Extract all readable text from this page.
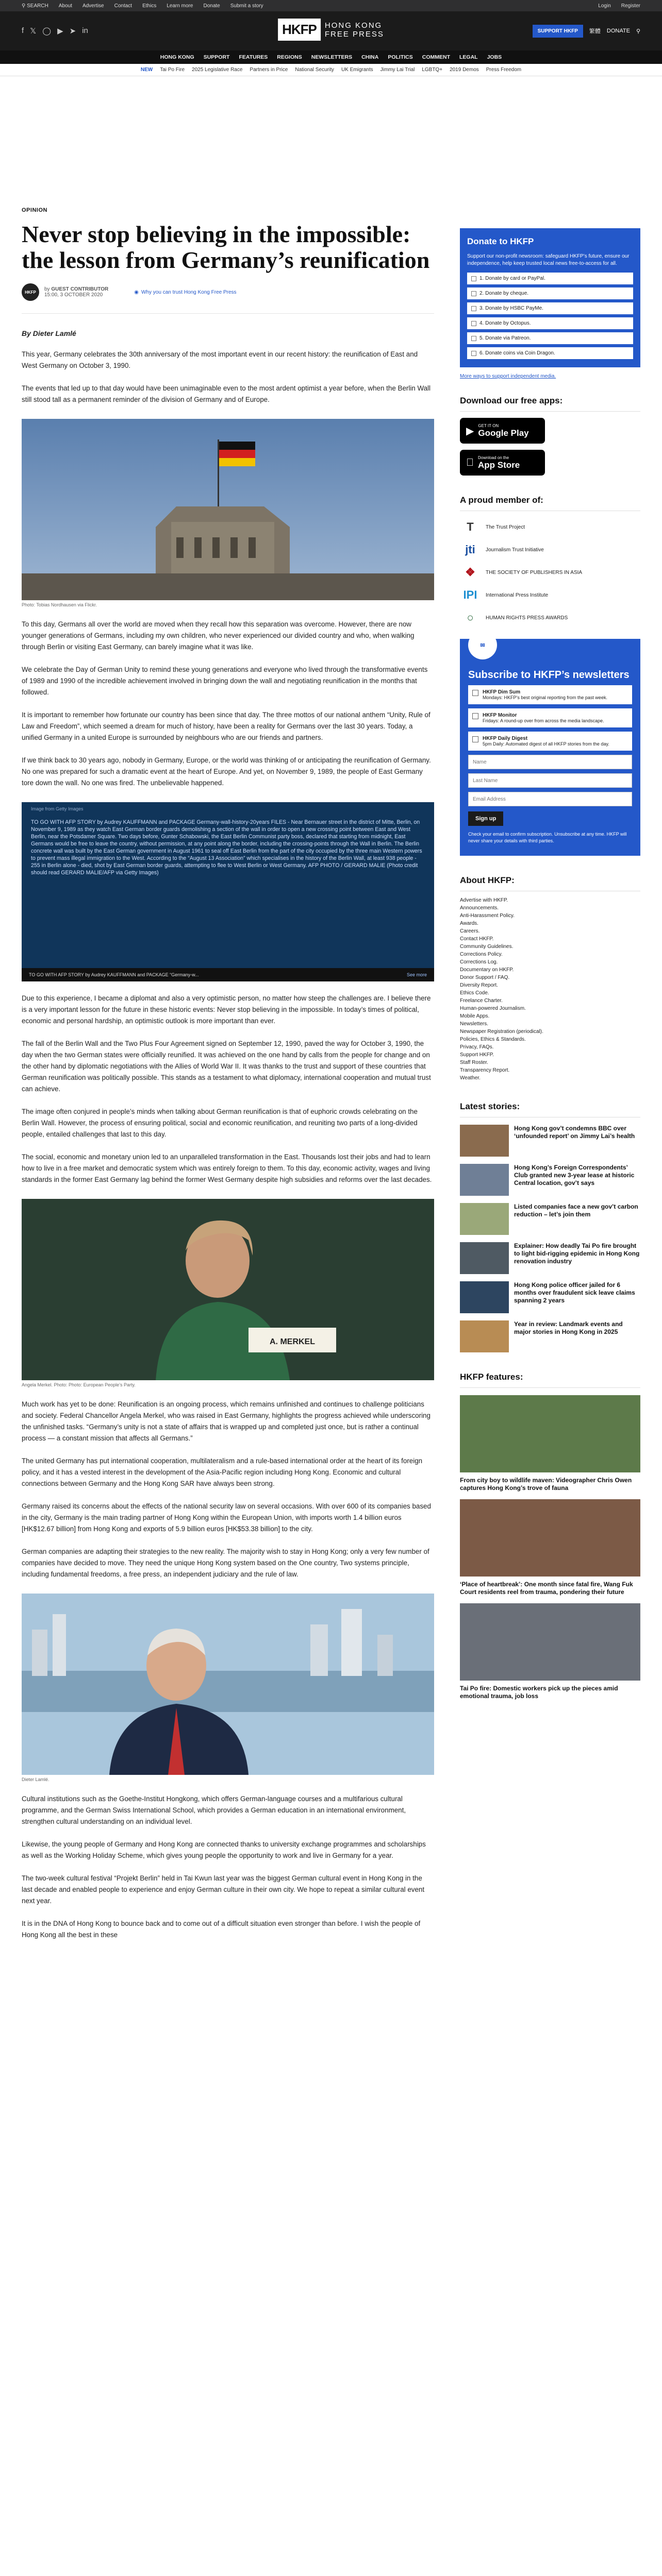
⚲ SEARCH About Advertise Contact Ethics Learn more Donate Submit a story	Login Register
f 𝕏 ◯ ▶ ➤ in	HKFP	HONG KONG
FREE PRESS	SUPPORT HKFP	繁體 DONATE ⚲
HONG KONG SUPPORT FEATURES REGIONS NEWSLETTERS CHINA POLITICS COMMENT LEGAL JOBS
NEW Tai Po Fire 2025 Legislative Race Partners in Price National Security UK Emigrants Jimmy Lai Trial LGBTQ+ 2019 Demos Press Freedom
OPINION
Never stop believing in the impossible: the lesson from Germany’s reunification
HKFP	by GUEST CONTRIBUTOR
15:00, 3 OCTOBER 2020	◉ Why you can trust Hong Kong Free Press
By Dieter Lamlé

This year, Germany celebrates the 30th anniversary of the most important event in our recent history: the reunification of East and West Germany on October 3, 1990.

The events that led up to that day would have been unimaginable even to the most ardent optimist a year before, when the Berlin Wall still stood tall as a permanent reminder of the division of Germany and of Europe.

Photo: Tobias Nordhausen via Flickr.

To this day, Germans all over the world are moved when they recall how this separation was overcome. However, there are now younger generations of Germans, including my own children, who never experienced our divided country and who, when walking through Berlin or visiting East Germany, can barely imagine what it was like.

We celebrate the Day of German Unity to remind these young generations and everyone who lived through the transformative events of 1989 and 1990 of the incredible achievement involved in bringing down the wall and negotiating reunification in the months that followed.

It is important to remember how fortunate our country has been since that day. The three mottos of our national anthem “Unity, Rule of Law and Freedom”, which seemed a dream for much of history, have been a reality for Germans over the last 30 years. Today, a unified Germany in a united Europe is surrounded by neighbours who are our friends and partners.

If we think back to 30 years ago, nobody in Germany, Europe, or the world was thinking of or anticipating the reunification of Germany. No one was prepared for such a dramatic event at the heart of Europe. And yet, on November 9, 1989, the people of East Germany tore down the wall. No one was fired. The unbelievable happened.

Image from Getty Images
TO GO WITH AFP STORY by Audrey KAUFFMANN and PACKAGE Germany-wall-history-20years FILES - Near Bernauer street in the district of Mitte, Berlin, on November 9, 1989 as they watch East German border guards demolishing a section of the wall in order to open a new crossing point between East and West Berlin, near the Potsdamer Square. Two days before, Gunter Schabowski, the East Berlin Communist party boss, declared that starting from midnight, East Germans would be free to leave the country, without permission, at any point along the border, including the crossing-points through the Wall in Berlin. The Berlin concrete wall was built by the East German government in August 1961 to seal off East Berlin from the part of the city occupied by the three main Western powers to prevent mass illegal immigration to the West. According to the “August 13 Association” which specialises in the history of the Berlin Wall, at least 938 people - 255 in Berlin alone - died, shot by East German border guards, attempting to flee to West Berlin or West Germany. AFP PHOTO / GERARD MALIE (Photo credit should read GERARD MALIE/AFP via Getty Images)
TO GO WITH AFP STORY by Audrey KAUFFMANN and PACKAGE “Germany-w...	See more

Due to this experience, I became a diplomat and also a very optimistic person, no matter how steep the challenges are. I believe there is a very important lesson for the future in these historic events: Never stop believing in the impossible. In today’s times of political, economic and personal hardship, an optimistic outlook is more important than ever.

The fall of the Berlin Wall and the Two Plus Four Agreement signed on September 12, 1990, paved the way for October 3, 1990, the day when the two German states were officially reunified. It was achieved on the one hand by calls from the people for change and on the other hand by diplomatic negotiations with the Allies of World War II. It was thanks to the trust and support of these countries that German reunification was politically possible. This stands as a testament to what diplomacy, international cooperation and mutual trust can achieve.

The image often conjured in people’s minds when talking about German reunification is that of euphoric crowds celebrating on the Berlin Wall. However, the process of ensuring political, social and economic reunification, and reuniting two parts of a long-divided people, entailed challenges that last to this day.

The social, economic and monetary union led to an unparalleled transformation in the East. Thousands lost their jobs and had to learn how to live in a free market and democratic system which was entirely foreign to them. To this day, economic activity, wages and living standards in the former East Germany lag behind the former West Germany despite high subsidies and reforms over the last decades.

A. MERKEL
Angela Merkel. Photo: Photo: European People’s Party.

Much work has yet to be done: Reunification is an ongoing process, which remains unfinished and continues to challenge politicians and society. Federal Chancellor Angela Merkel, who was raised in East Germany, highlights the progress achieved while underscoring the unfinished tasks. “Germany’s unity is not a state of affairs that is wrapped up and completed just once, but is rather a continual process — a constant mission that affects all Germans.”

The united Germany has put international cooperation, multilateralism and a rule-based international order at the heart of its foreign policy, and it has a vested interest in the development of the Asia-Pacific region including Hong Kong. Economic and cultural connections between Germany and the Hong Kong SAR have always been strong.

Germany raised its concerns about the effects of the national security law on several occasions. With over 600 of its companies based in the city, Germany is the main trading partner of Hong Kong within the European Union, with imports worth 1.4 billion euros [HK$12.67 billion] from Hong Kong and exports of 5.9 billion euros [HK$53.38 billion] to the city.

German companies are adapting their strategies to the new reality. The majority wish to stay in Hong Kong; only a very few number of companies have decided to move. They need the unique Hong Kong system based on the One country, Two systems principle, including fundamental freedoms, a free press, an independent judiciary and the rule of law.

Dieter Lamlé.

Cultural institutions such as the Goethe-Institut Hongkong, which offers German-language courses and a multifarious cultural programme, and the German Swiss International School, which provides a German education in an international environment, strengthen cultural understanding on an individual level.

Likewise, the young people of Germany and Hong Kong are connected thanks to university exchange programmes and scholarships as well as the Working Holiday Scheme, which gives young people the opportunity to work and live in Germany for a year.

The two-week cultural festival “Projekt Berlin” held in Tai Kwun last year was the biggest German cultural event in Hong Kong in the last decade and enabled people to experience and enjoy German culture in their own city. We hope to repeat a similar cultural event next year.

It is in the DNA of Hong Kong to bounce back and to come out of a difficult situation even stronger than before. I wish the people of Hong Kong all the best in these

Donate to HKFP
Support our non-profit newsroom: safeguard HKFP’s future, ensure our independence, help keep trusted local news free-to-access for all.
1. Donate by card or PayPal.
2. Donate by cheque.
3. Donate by HSBC PayMe.
4. Donate by Octopus.
5. Donate via Patreon.
6. Donate coins via Coin Dragon.
More ways to support independent media.
Download our free apps:
▶ GET IT ON
Google Play
Download on the
App Store
A proud member of:
T	The Trust Project
jti	Journalism Trust Initiative
❖	THE SOCIETY OF PUBLISHERS IN ASIA
IPI	International Press Institute
○	HUMAN RIGHTS PRESS AWARDS
✉
Subscribe to HKFP’s newsletters
HKFP Dim Sum
Mondays: HKFP’s best original reporting from the past week.
HKFP Monitor
Fridays: A round-up over from across the media landscape.
HKFP Daily Digest
5pm Daily: Automated digest of all HKFP stories from the day.
Name Last Name Email Address Sign up
Check your email to confirm subscription. Unsubscribe at any time. HKFP will never share your details with third parties.
About HKFP:
Advertise with HKFP.
Announcements.
Anti-Harassment Policy.
Awards.
Careers.
Contact HKFP.
Community Guidelines.
Corrections Policy.
Corrections Log.
Documentary on HKFP.
Donor Support / FAQ.
Diversity Report.
Ethics Code.
Freelance Charter.
Human-powered Journalism.
Mobile Apps.
Newsletters.
Newspaper Registration (periodical).
Policies, Ethics & Standards.
Privacy, FAQs.
Support HKFP.
Staff Roster.
Transparency Report.
Weather.
Latest stories:
Hong Kong gov’t condemns BBC over ‘unfounded report’ on Jimmy Lai’s health
Hong Kong’s Foreign Correspondents’ Club granted new 3-year lease at historic Central location, gov’t says
Listed companies face a new gov’t carbon reduction – let’s join them
Explainer: How deadly Tai Po fire brought to light bid-rigging epidemic in Hong Kong renovation industry
Hong Kong police officer jailed for 6 months over fraudulent sick leave claims spanning 2 years
Year in review: Landmark events and major stories in Hong Kong in 2025
HKFP features:
From city boy to wildlife maven: Videographer Chris Owen captures Hong Kong’s trove of fauna
‘Place of heartbreak’: One month since fatal fire, Wang Fuk Court residents reel from trauma, pondering their future
Tai Po fire: Domestic workers pick up the pieces amid emotional trauma, job loss
